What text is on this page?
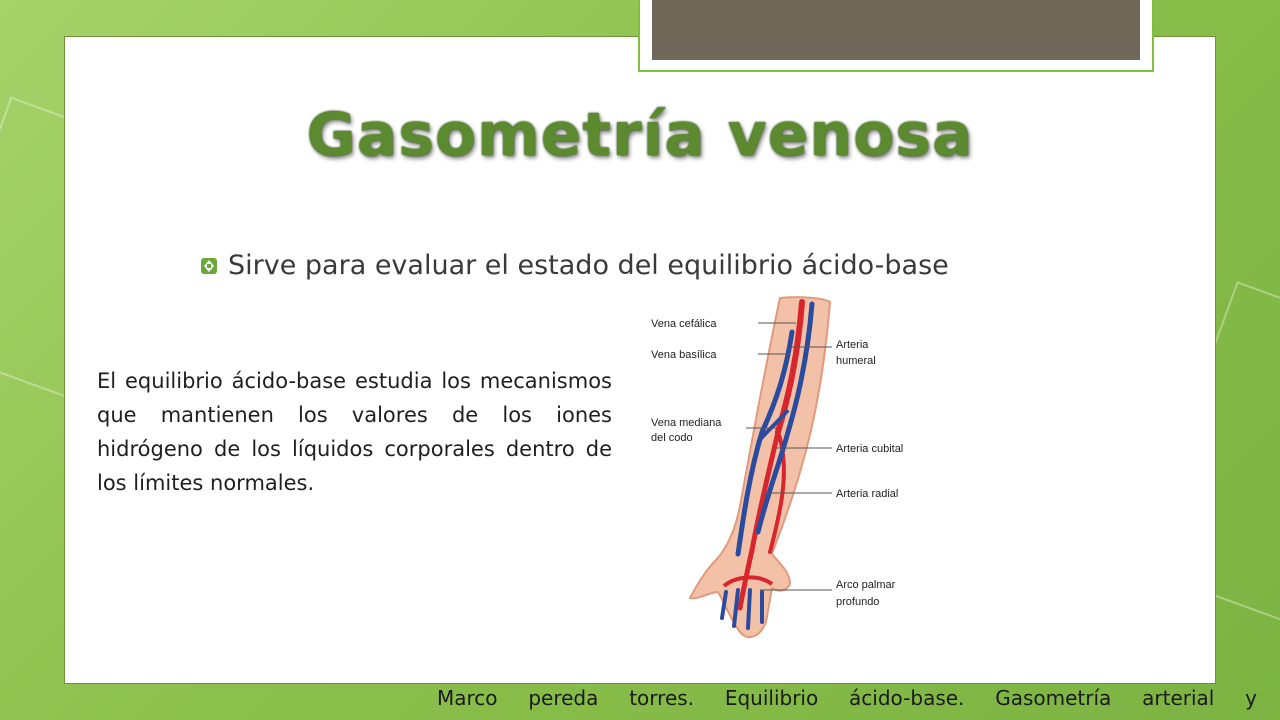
Gasometría venosa
Sirve para evaluar el estado del equilibrio ácido-base
El equilibrio ácido-base estudia los mecanismos que mantienen los valores de los iones hidrógeno de los líquidos corporales dentro de los límites normales.
Vena cefálica
Vena basílica
Arteria
humeral
Vena mediana
del codo
Arteria cubital
Arteria radial
Arco palmar
profundo
Marco pereda torres. Equilibrio ácido-base. Gasometría arterial y
